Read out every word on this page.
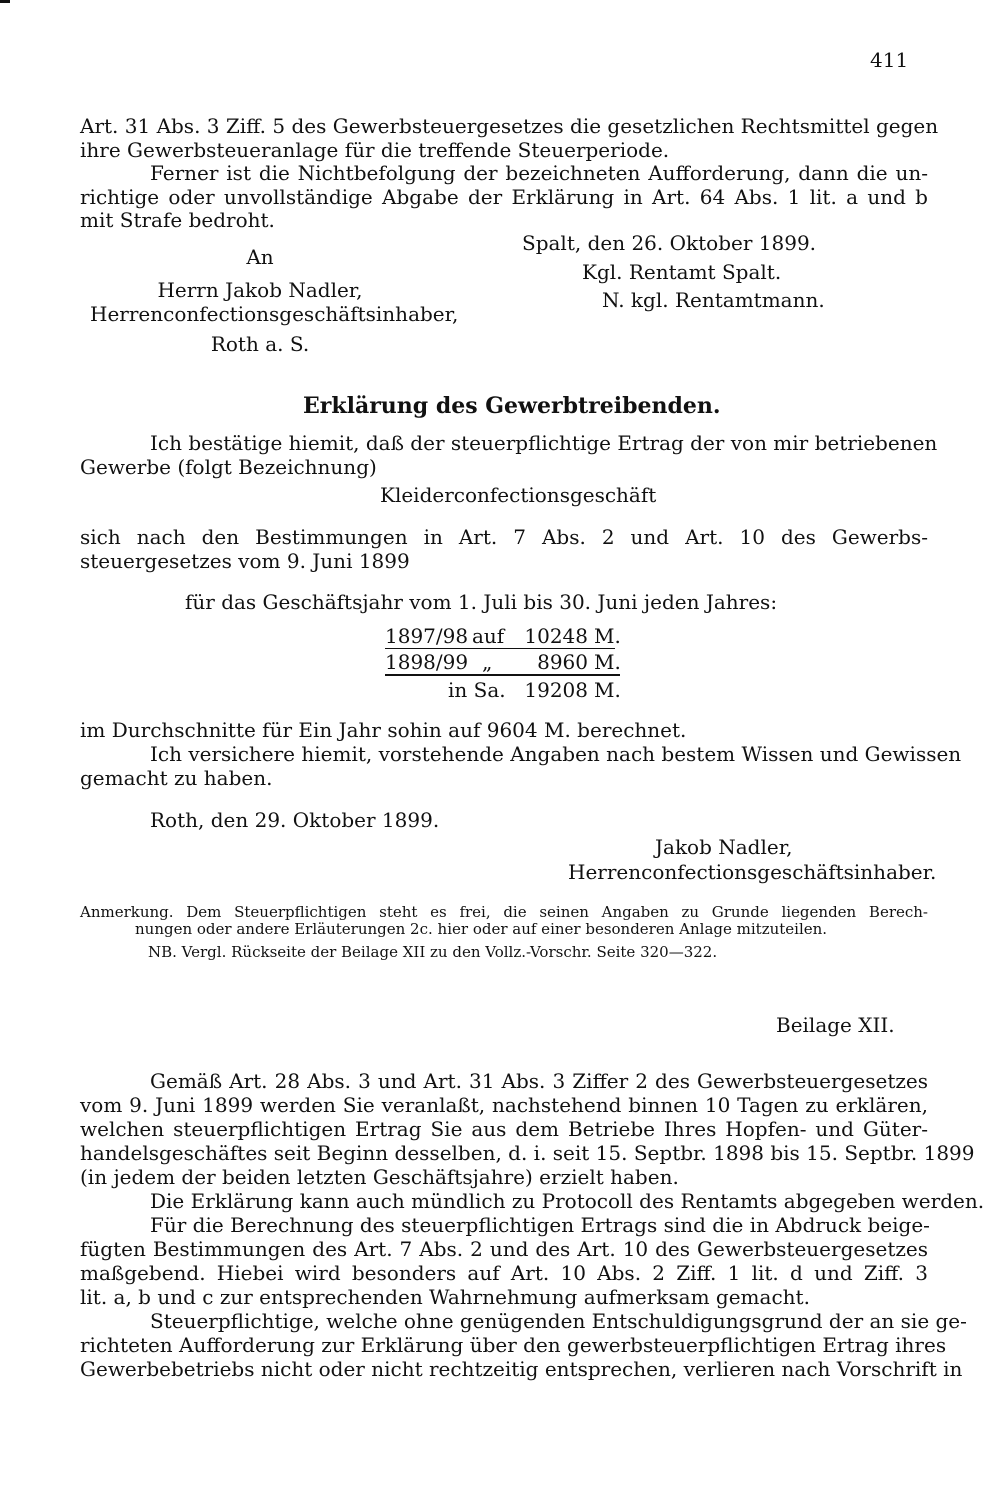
411
Art. 31 Abs. 3 Ziff. 5 des Gewerbsteuergesetzes die gesetzlichen Rechtsmittel gegen
ihre Gewerbsteueranlage für die treffende Steuerperiode.
Ferner ist die Nichtbefolgung der bezeichneten Aufforderung, dann die un-
richtige oder unvollständige Abgabe der Erklärung in Art. 64 Abs. 1 lit. a und b
mit Strafe bedroht.
An
Herrn Jakob Nadler,
Herrenconfectionsgeschäftsinhaber,
Roth a. S.
Spalt, den 26. Oktober 1899.
Kgl. Rentamt Spalt.
N. kgl. Rentamtmann.
Erklärung des Gewerbtreibenden.
Ich bestätige hiemit, daß der steuerpflichtige Ertrag der von mir betriebenen
Gewerbe (folgt Bezeichnung)
Kleiderconfectionsgeschäft
sich nach den Bestimmungen in Art. 7 Abs. 2 und Art. 10 des Gewerbs-
steuergesetzes vom 9. Juni 1899
für das Geschäftsjahr vom 1. Juli bis 30. Juni jeden Jahres:
1897/98 auf	10248 M.
1898/99 „	8960 M.
in Sa. 19208 M.
im Durchschnitte für Ein Jahr sohin auf 9604 M. berechnet.
Ich versichere hiemit, vorstehende Angaben nach bestem Wissen und Gewissen
gemacht zu haben.
Roth, den 29. Oktober 1899.
Jakob Nadler,
Herrenconfectionsgeschäftsinhaber.
Anmerkung. Dem Steuerpflichtigen steht es frei, die seinen Angaben zu Grunde liegenden Berech-
nungen oder andere Erläuterungen 2c. hier oder auf einer besonderen Anlage mitzuteilen.
NB. Vergl. Rückseite der Beilage XII zu den Vollz.-Vorschr. Seite 320—322.
Beilage XII.
Gemäß Art. 28 Abs. 3 und Art. 31 Abs. 3 Ziffer 2 des Gewerbsteuergesetzes
vom 9. Juni 1899 werden Sie veranlaßt, nachstehend binnen 10 Tagen zu erklären,
welchen steuerpflichtigen Ertrag Sie aus dem Betriebe Ihres Hopfen- und Güter-
handelsgeschäftes seit Beginn desselben, d. i. seit 15. Septbr. 1898 bis 15. Septbr. 1899
(in jedem der beiden letzten Geschäftsjahre) erzielt haben.
Die Erklärung kann auch mündlich zu Protocoll des Rentamts abgegeben werden.
Für die Berechnung des steuerpflichtigen Ertrags sind die in Abdruck beige-
fügten Bestimmungen des Art. 7 Abs. 2 und des Art. 10 des Gewerbsteuergesetzes
maßgebend. Hiebei wird besonders auf Art. 10 Abs. 2 Ziff. 1 lit. d und Ziff. 3
lit. a, b und c zur entsprechenden Wahrnehmung aufmerksam gemacht.
Steuerpflichtige, welche ohne genügenden Entschuldigungsgrund der an sie ge-
richteten Aufforderung zur Erklärung über den gewerbsteuerpflichtigen Ertrag ihres
Gewerbebetriebs nicht oder nicht rechtzeitig entsprechen, verlieren nach Vorschrift in
